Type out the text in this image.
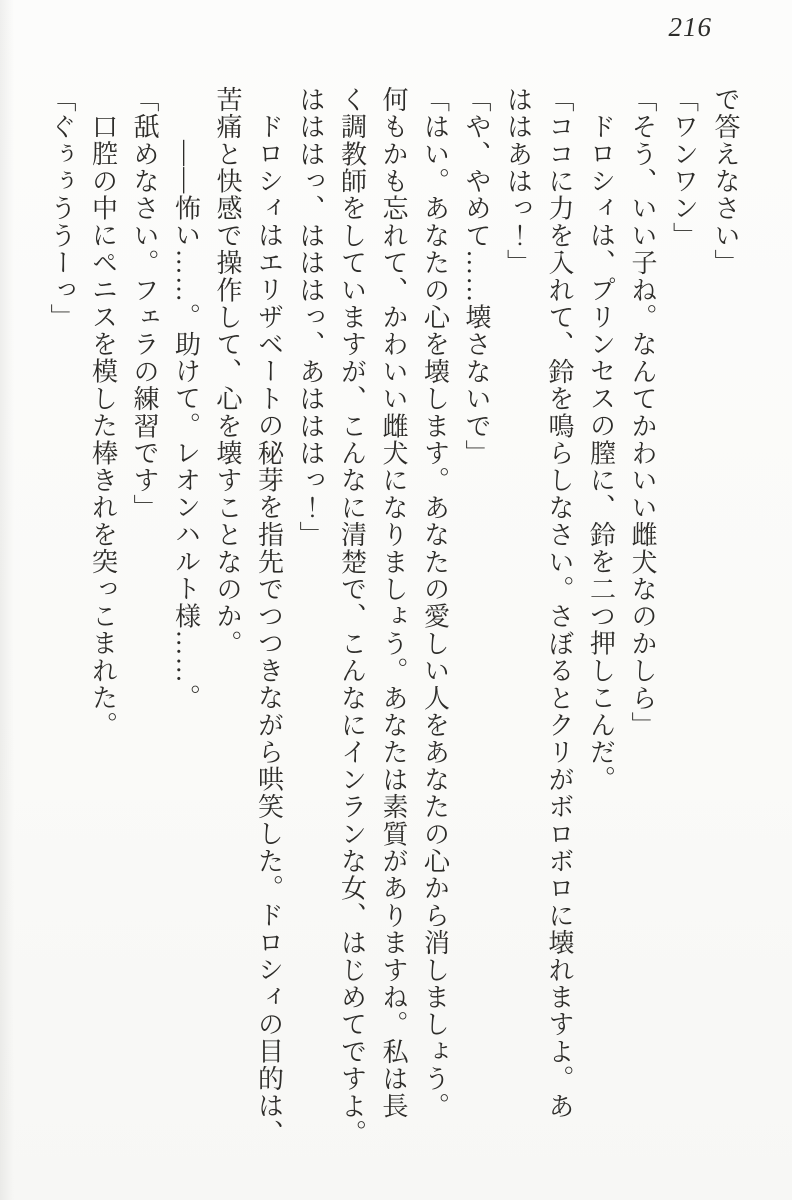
216

で答えなさい」

「ワンワン」

「そう、いい子ね。なんてかわいい雌犬なのかしら」

ドロシィは、プリンセスの膣に、鈴を二つ押しこんだ。

「ココに力を入れて、鈴を鳴らしなさい。さぼるとクリがボロボロに壊れますよ。あ

ははあはっ！」

「や、やめて……壊さないで」

「はい。あなたの心を壊します。あなたの愛しい人をあなたの心から消しましょう。

何もかも忘れて、かわいい雌犬になりましょう。あなたは素質がありますね。私は長

く調教師をしていますが、こんなに清楚で、こんなにインランな女、はじめてですよ。

はははっ、はははっ、あはははっ！」

ドロシィはエリザベートの秘芽を指先でつつきながら哄笑した。ドロシィの目的は、

苦痛と快感で操作して、心を壊すことなのか。

――怖い……。助けて。レオンハルト様……。

「舐めなさい。フェラの練習です」

口腔の中にペニスを模した棒きれを突っこまれた。

「ぐぅぅううーっ」
